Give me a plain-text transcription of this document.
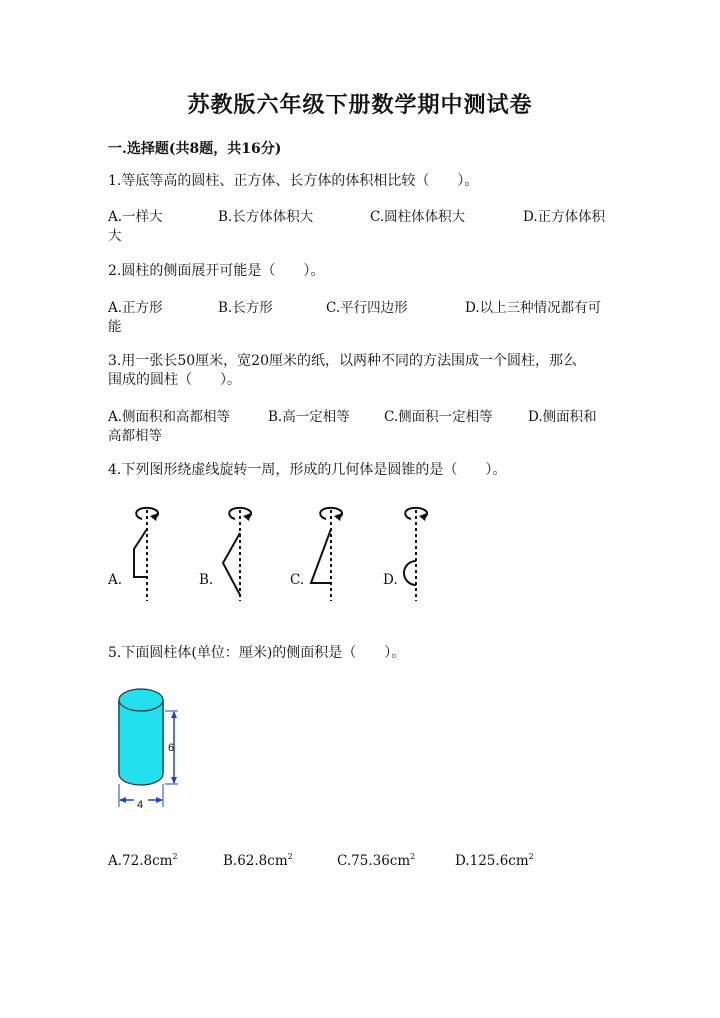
苏教版六年级下册数学期中测试卷
一.选择题(共8题，共16分)
1.等底等高的圆柱、正方体、长方体的体积相比较（　　）。
A.一样大	B.长方体体积大	C.圆柱体体积大	D.正方体体积
大
2.圆柱的侧面展开可能是（　　）。
A.正方形	B.长方形	C.平行四边形	D.以上三种情况都有可
能
3.用一张长50厘米，宽20厘米的纸，以两种不同的方法围成一个圆柱，那么
围成的圆柱（　　）。
A.侧面积和高都相等	B.高一定相等	C.侧面积一定相等	D.侧面积和
高都相等
4.下列图形绕虚线旋转一周，形成的几何体是圆锥的是（　　）。
A.	B.	C.	D.
5.下面圆柱体(单位：厘米)的侧面积是（　　）。
6
4
$A.72.8cm^2$	$B.62.8cm^2$	$C.75.36cm^2$	$D.125.6cm^2$
